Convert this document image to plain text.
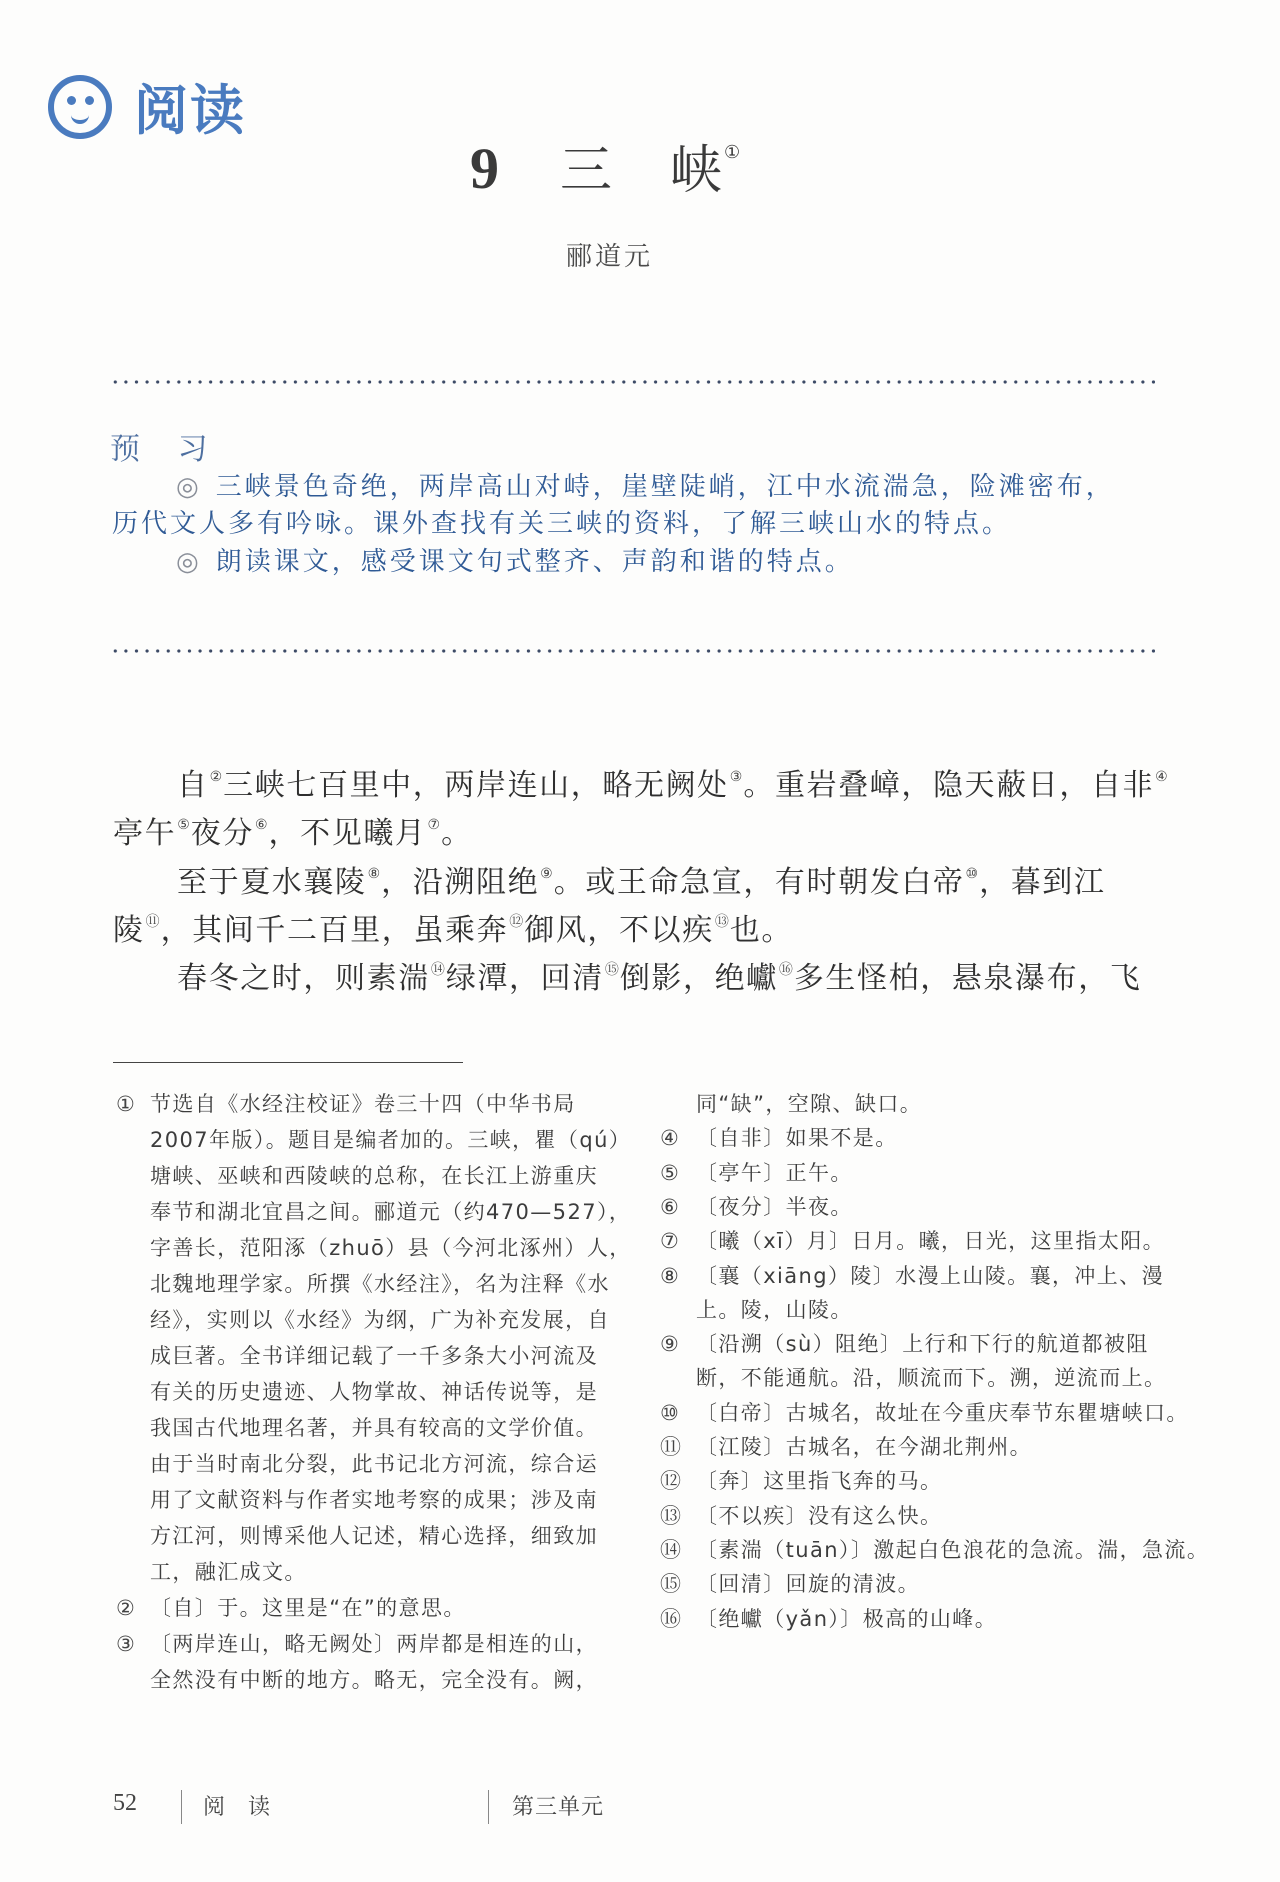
阅读
9 三 峡 ①
郦道元
预 习
◎ 三峡景色奇绝，两岸高山对峙，崖壁陡峭，江中水流湍急，险滩密布，
历代文人多有吟咏。课外查找有关三峡的资料，了解三峡山水的特点。
◎ 朗读课文，感受课文句式整齐、声韵和谐的特点。
自②三峡七百里中，两岸连山，略无阙处③。重岩叠嶂，隐天蔽日，自非④
亭午⑤夜分⑥，不见曦月⑦。
至于夏水襄陵⑧，沿溯阻绝⑨。或王命急宣，有时朝发白帝⑩，暮到江
陵⑪，其间千二百里，虽乘奔⑫御风，不以疾⑬也。
春冬之时，则素湍⑭绿潭，回清⑮倒影，绝巘⑯多生怪柏，悬泉瀑布，飞
① 节选自《水经注校证》卷三十四（中华书局
2007年版）。题目是编者加的。三峡，瞿（qú）
塘峡、巫峡和西陵峡的总称，在长江上游重庆
奉节和湖北宜昌之间。郦道元（约470—527），
字善长，范阳涿（zhuō）县（今河北涿州）人，
北魏地理学家。所撰《水经注》，名为注释《水
经》，实则以《水经》为纲，广为补充发展，自
成巨著。全书详细记载了一千多条大小河流及
有关的历史遗迹、人物掌故、神话传说等，是
我国古代地理名著，并具有较高的文学价值。
由于当时南北分裂，此书记北方河流，综合运
用了文献资料与作者实地考察的成果；涉及南
方江河，则博采他人记述，精心选择，细致加
工，融汇成文。
② 〔自〕于。这里是“在”的意思。
③ 〔两岸连山，略无阙处〕两岸都是相连的山，
全然没有中断的地方。略无，完全没有。阙，
同“缺”，空隙、缺口。
④ 〔自非〕如果不是。
⑤ 〔亭午〕正午。
⑥ 〔夜分〕半夜。
⑦ 〔曦（xī）月〕日月。曦，日光，这里指太阳。
⑧ 〔襄（xiāng）陵〕水漫上山陵。襄，冲上、漫
上。陵，山陵。
⑨ 〔沿溯（sù）阻绝〕上行和下行的航道都被阻
断，不能通航。沿，顺流而下。溯，逆流而上。
⑩ 〔白帝〕古城名，故址在今重庆奉节东瞿塘峡口。
⑪ 〔江陵〕古城名，在今湖北荆州。
⑫ 〔奔〕这里指飞奔的马。
⑬ 〔不以疾〕没有这么快。
⑭ 〔素湍（tuān）〕激起白色浪花的急流。湍，急流。
⑮ 〔回清〕回旋的清波。
⑯ 〔绝巘（yǎn）〕极高的山峰。
52	阅 读	第三单元
